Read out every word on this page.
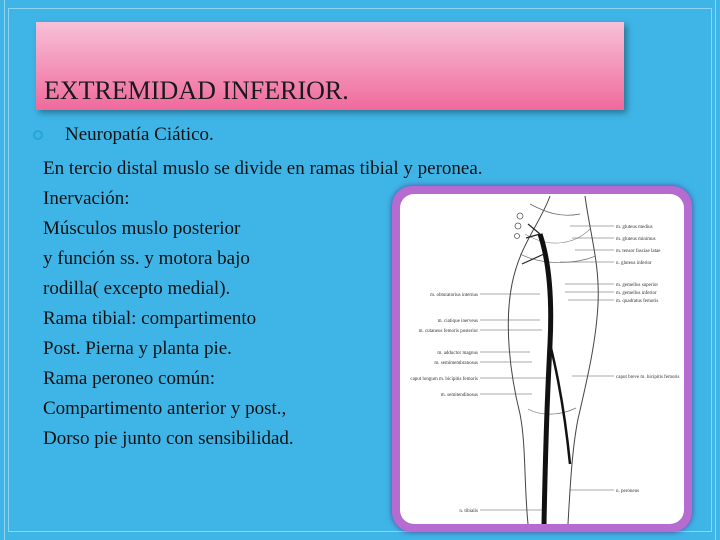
EXTREMIDAD INFERIOR.
Neuropatía Ciático.
En tercio distal muslo se divide en ramas tibial y peronea.
Inervación:
Músculos muslo posterior
y función ss. y motora bajo
rodilla( excepto medial).
Rama tibial: compartimento
Post. Pierna y planta pie.
Rama peroneo común:
Compartimento anterior y post.,
Dorso pie junto con sensibilidad.
m. gluteus medius
m. gluteus minimus
m. tensor fasciae latae
n. gluteus inferior
m. gemellus superior
m. gemellus inferior
m. quadratus femoris
caput breve m. bicipitis femoris
n. peroneus
m. obturatorius internus
m. ciatique inerveus
m. cutaneus femoris posterior
m. adductor magnus
m. semimembranosus
caput longum m. bicipitis femoris
m. semitendinosus
n. tibialis
